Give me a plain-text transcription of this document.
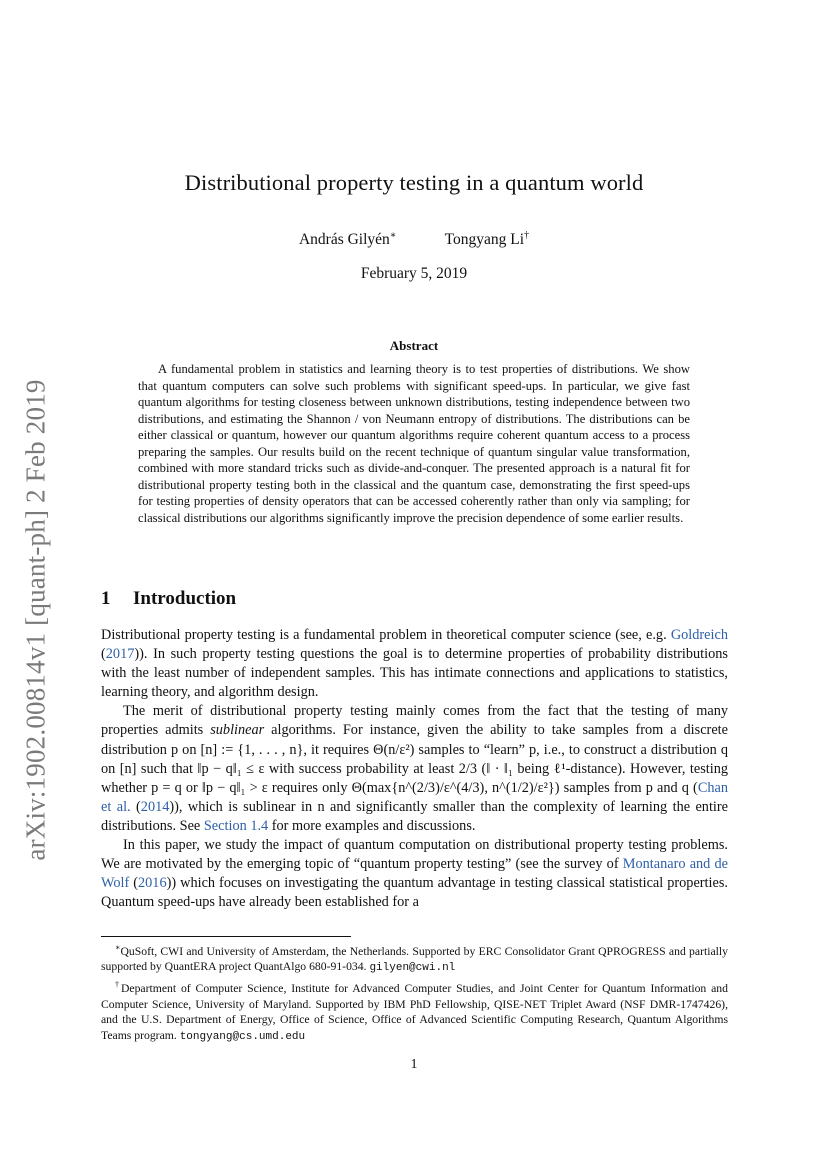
arXiv:1902.00814v1 [quant-ph] 2 Feb 2019
Distributional property testing in a quantum world
András Gilyén∗	Tongyang Li†
February 5, 2019
Abstract

A fundamental problem in statistics and learning theory is to test properties of distributions. We show that quantum computers can solve such problems with significant speed-ups. In particular, we give fast quantum algorithms for testing closeness between unknown distributions, testing independence between two distributions, and estimating the Shannon / von Neumann entropy of distributions. The distributions can be either classical or quantum, however our quantum algorithms require coherent quantum access to a process preparing the samples. Our results build on the recent technique of quantum singular value transformation, combined with more standard tricks such as divide-and-conquer. The presented approach is a natural fit for distributional property testing both in the classical and the quantum case, demonstrating the first speed-ups for testing properties of density operators that can be accessed coherently rather than only via sampling; for classical distributions our algorithms significantly improve the precision dependence of some earlier results.

1 Introduction

Distributional property testing is a fundamental problem in theoretical computer science (see, e.g. Goldreich (2017)). In such property testing questions the goal is to determine properties of probability distributions with the least number of independent samples. This has intimate connections and applications to statistics, learning theory, and algorithm design.

The merit of distributional property testing mainly comes from the fact that the testing of many properties admits sublinear algorithms. For instance, given the ability to take samples from a discrete distribution p on [n] := {1, . . . , n}, it requires Θ(n/ε²) samples to “learn” p, i.e., to construct a distribution q on [n] such that ‖p − q‖₁ ≤ ε with success probability at least 2/3 (‖ · ‖₁ being ℓ¹-distance). However, testing whether p = q or ‖p − q‖₁ > ε requires only Θ(max{n^(2/3)/ε^(4/3), n^(1/2)/ε²}) samples from p and q (Chan et al. (2014)), which is sublinear in n and significantly smaller than the complexity of learning the entire distributions. See Section 1.4 for more examples and discussions.

In this paper, we study the impact of quantum computation on distributional property testing problems. We are motivated by the emerging topic of “quantum property testing” (see the survey of Montanaro and de Wolf (2016)) which focuses on investigating the quantum advantage in testing classical statistical properties. Quantum speed-ups have already been established for a

∗QuSoft, CWI and University of Amsterdam, the Netherlands. Supported by ERC Consolidator Grant QPROGRESS and partially supported by QuantERA project QuantAlgo 680-91-034. gilyen@cwi.nl

†Department of Computer Science, Institute for Advanced Computer Studies, and Joint Center for Quantum Information and Computer Science, University of Maryland. Supported by IBM PhD Fellowship, QISE-NET Triplet Award (NSF DMR-1747426), and the U.S. Department of Energy, Office of Science, Office of Advanced Scientific Computing Research, Quantum Algorithms Teams program. tongyang@cs.umd.edu

1
